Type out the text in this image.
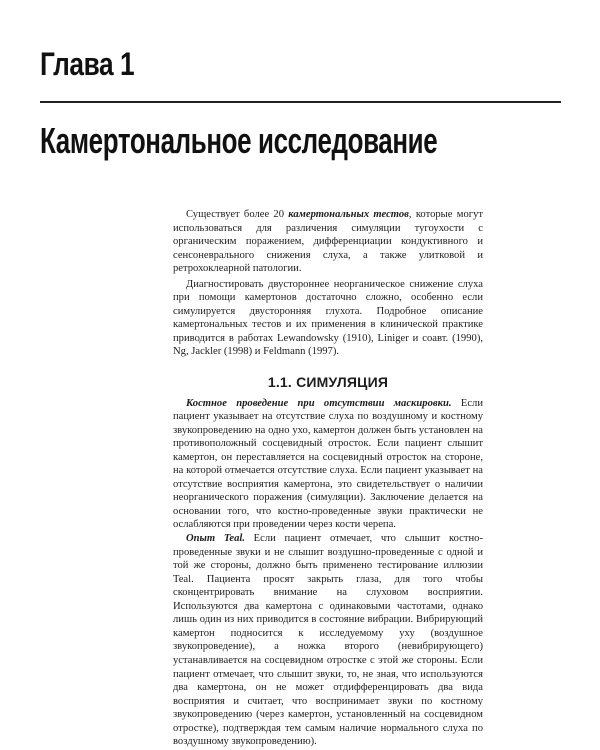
Глава 1
Камертональное исследование

Существует более 20 камертональных тестов, которые могут использоваться для различения симуляции тугоухости с органическим поражением, дифференциации кондуктивного и сенсоневрального снижения слуха, а также улитковой и ретрохоклеарной патологии.

Диагностировать двустороннее неорганическое снижение слуха при помощи камертонов достаточно сложно, особенно если симулируется двусторонняя глухота. Подробное описание камертональных тестов и их применения в клинической практике приводится в работах Lewandowsky (1910), Liniger и соавт. (1990), Ng, Jackler (1998) и Feldmann (1997).

1.1. СИМУЛЯЦИЯ

Костное проведение при отсутствии маскировки. Если пациент указывает на отсутствие слуха по воздушному и костному звукопроведению на одно ухо, камертон должен быть установлен на противоположный сосцевидный отросток. Если пациент слышит камертон, он переставляется на сосцевидный отросток на стороне, на которой отмечается отсутствие слуха. Если пациент указывает на отсутствие восприятия камертона, это свидетельствует о наличии неорганического поражения (симуляции). Заключение делается на основании того, что костно-проведенные звуки практически не ослабляются при проведении через кости черепа.

Опыт Teal. Если пациент отмечает, что слышит костно-проведенные звуки и не слышит воздушно-проведенные с одной и той же стороны, должно быть применено тестирование иллюзии Teal. Пациента просят закрыть глаза, для того чтобы сконцентрировать внимание на слуховом восприятии. Используются два камертона с одинаковыми частотами, однако лишь один из них приводится в состояние вибрации. Вибрирующий камертон подносится к исследуемому уху (воздушное звукопроведение), а ножка второго (невибрирующего) устанавливается на сосцевидном отростке с этой же стороны. Если пациент отмечает, что слышит звуки, то, не зная, что используются два камертона, он не может отдифференцировать два вида восприятия и считает, что воспринимает звуки по костному звукопроведению (через камертон, установленный на сосцевидном отростке), подтверждая тем самым наличие нормального слуха по воздушному звукопроведению).
